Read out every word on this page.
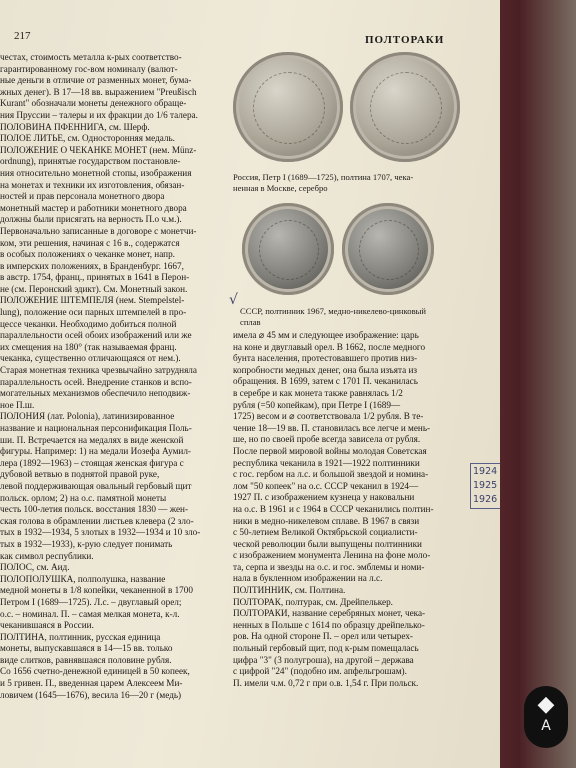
217	ПОЛТОРАКИ
Россия, Петр I (1689—1725), полтина 1707, чека-
ненная в Москве, серебро
СССР, полтинник 1967, медно-никелево-цинковый
сплав
√
честах, стоимость металла к-рых соответство-
гарантированному гос-вом номиналу (валют-
ные деньги в отличие от разменных монет, бума-
жных денег). В 17—18 вв. выражением "Preußisch
Kurant" обозначали монеты денежного обраще-
ния Пруссии – талеры и их фракции до 1/6 талера.
ПОЛОВИНА ПФЕННИГА, см. Шерф.
ПОЛОЕ ЛИТЬЕ, см. Односторонняя медаль.
ПОЛОЖЕНИЕ О ЧЕКАНКЕ МОНЕТ (нем. Münz-
ordnung), принятые государством постановле-
ния относительно монетной стопы, изображения
на монетах и техники их изготовления, обязан-
ностей и прав персонала монетного двора
монетный мастер и работники монетного двора
должны были присягать на верность П.о ч.м.).
Первоначально записанные в договоре с монетчи-
ком, эти решения, начиная с 16 в., содержатся
в особых положениях о чеканке монет, напр.
в имперских положениях, в Бранденбург. 1667,
в австр. 1754, франц., принятых в 1641 в Перон-
не (см. Перонский эдикт). См. Монетный закон.
ПОЛОЖЕНИЕ ШТЕМПЕЛЯ (нем. Stempelstel-
lung), положение оси парных штемпелей в про-
цессе чеканки. Необходимо добиться полной
параллельности осей обоих изображений или же
их смещения на 180° (так называемая франц.
чеканка, существенно отличающаяся от нем.).
Старая монетная техника чрезвычайно затрудняла
параллельность осей. Внедрение станков и вспо-
могательных механизмов обеспечило неподвиж-
ное П.ш.
ПОЛОНИЯ (лат. Polonia), латинизированное
название и национальная персонификация Поль-
ши. П. Встречается на медалях в виде женской
фигуры. Например: 1) на медали Иозефа Аумил-
лера (1892—1963) – стоящая женская фигура с
дубовой ветвью в поднятой правой руке,
левой поддерживающая овальный гербовый щит
польск. орлом; 2) на о.с. памятной монеты
честь 100-летия польск. восстания 1830 — жен-
ская голова в обрамлении листьев клевера (2 зло-
тых в 1932—1934, 5 злотых в 1932—1934 и 10 зло-
тых в 1932—1933), к-рую следует понимать
как символ республики.
ПОЛОС, см. Аид.
ПОЛОПОЛУШКА, полполушка, название
медной монеты в 1/8 копейки, чеканенной в 1700
Петром I (1689—1725). Л.с. – двуглавый орел;
о.с. – номинал. П. – самая мелкая монета, к-л.
чеканившаяся в России.
ПОЛТИНА, полтинник, русская единица
монеты, выпускавшаяся в 14—15 вв. только
виде слитков, равнявшаяся половине рубля.
Со 1656 счетно-денежной единицей в 50 копеек,
и 5 гривен. П., введенная царем Алексеем Ми-
ловичем (1645—1676), весила 16—20 г (медь)
имела ⌀ 45 мм и следующее изображение: царь
на коне и двуглавый орел. В 1662, после медного
бунта населения, протестовавшего против низ-
копробности медных денег, она была изъята из
обращения. В 1699, затем с 1701 П. чеканилась
в серебре и как монета также равнялась 1/2
рубля (=50 копейкам), при Петре I (1689—
1725) весом и ⌀ соответствовала 1/2 рубля. В те-
чение 18—19 вв. П. становилась все легче и мень-
ше, но по своей пробе всегда зависела от рубля.
После первой мировой войны молодая Советская
республика чеканила в 1921—1922 полтинники
с гос. гербом на л.с. и большой звездой и номина-
лом "50 копеек" на о.с. СССР чеканил в 1924—
1927 П. с изображением кузнеца у наковальни
на о.с. В 1961 и с 1964 в СССР чеканились полтин-
ники в медно-никелевом сплаве. В 1967 в связи
с 50-летием Великой Октябрьской социалисти-
ческой революции были выпущены полтинники
с изображением монумента Ленина на фоне моло-
та, серпа и звезды на о.с. и гос. эмблемы и номи-
нала в букленном изображении на л.с.
ПОЛТИННИК, см. Полтина.
ПОЛТОРАК, полтурак, см. Дрейпелькер.
ПОЛТОРАКИ, название серебряных монет, чека-
ненных в Польше с 1614 по образцу дрейпелько-
ров. На одной стороне П. – орел или четырех-
польный гербовый щит, под к-рым помещалась
цифра "3" (3 полугроша), на другой – держава
с цифрой "24" (подобно им. апфельгрошам).
П. имели ч.м. 0,72 г при о.в. 1,54 г. При польск.
1924
1925
1926
◆
A
